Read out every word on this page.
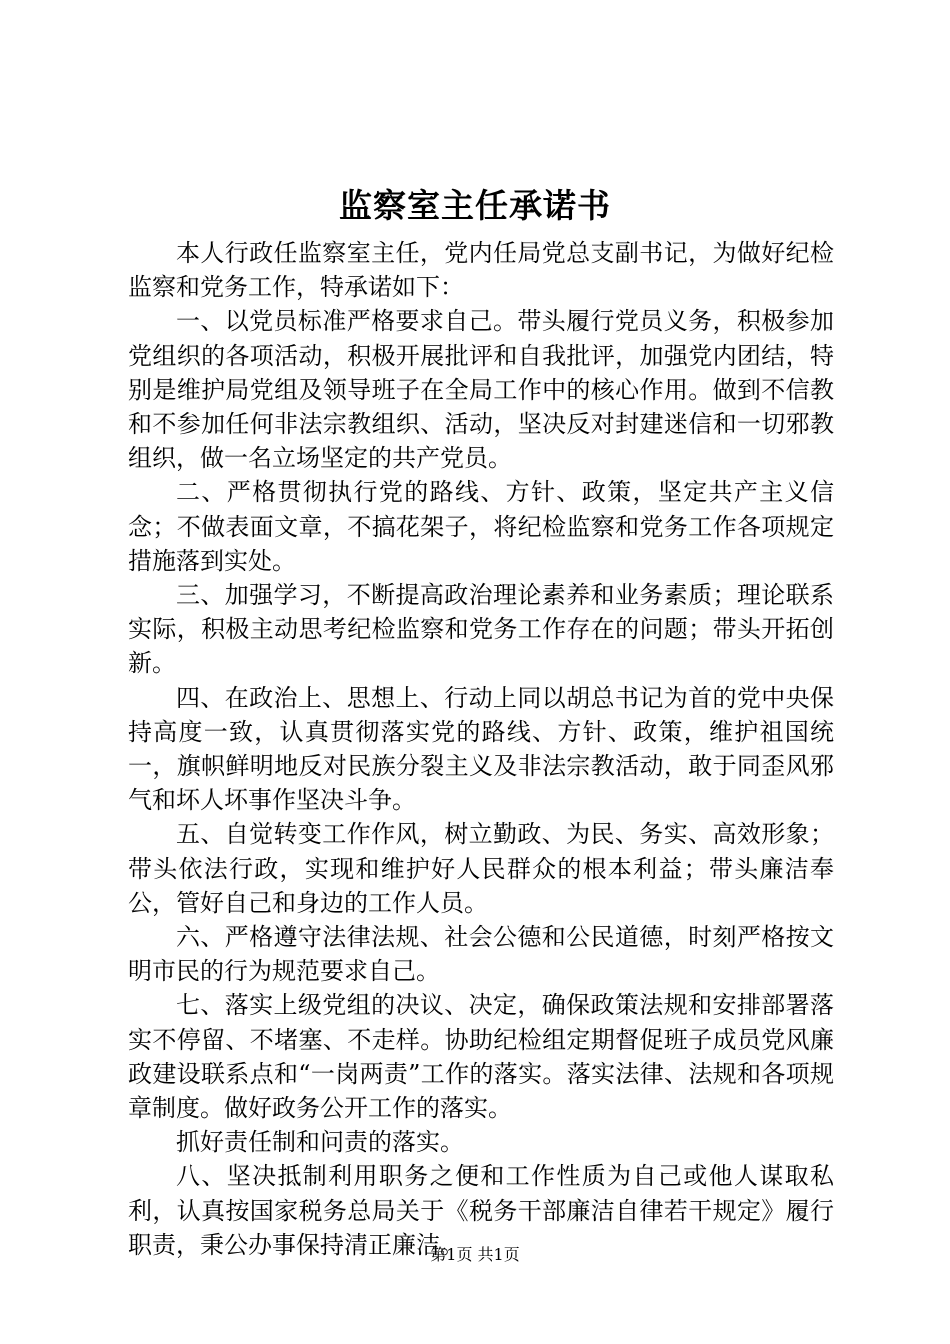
监察室主任承诺书

本人行政任监察室主任，党内任局党总支副书记，为做好纪检监察和党务工作，特承诺如下：

一、以党员标准严格要求自己。带头履行党员义务，积极参加党组织的各项活动，积极开展批评和自我批评，加强党内团结，特别是维护局党组及领导班子在全局工作中的核心作用。做到不信教和不参加任何非法宗教组织、活动，坚决反对封建迷信和一切邪教组织，做一名立场坚定的共产党员。

二、严格贯彻执行党的路线、方针、政策，坚定共产主义信念；不做表面文章，不搞花架子，将纪检监察和党务工作各项规定措施落到实处。

三、加强学习，不断提高政治理论素养和业务素质；理论联系实际，积极主动思考纪检监察和党务工作存在的问题；带头开拓创新。

四、在政治上、思想上、行动上同以胡总书记为首的党中央保持高度一致，认真贯彻落实党的路线、方针、政策，维护祖国统一，旗帜鲜明地反对民族分裂主义及非法宗教活动，敢于同歪风邪气和坏人坏事作坚决斗争。

五、自觉转变工作作风，树立勤政、为民、务实、高效形象；带头依法行政，实现和维护好人民群众的根本利益；带头廉洁奉公，管好自己和身边的工作人员。

六、严格遵守法律法规、社会公德和公民道德，时刻严格按文明市民的行为规范要求自己。

七、落实上级党组的决议、决定，确保政策法规和安排部署落实不停留、不堵塞、不走样。协助纪检组定期督促班子成员党风廉政建设联系点和“一岗两责”工作的落实。落实法律、法规和各项规章制度。做好政务公开工作的落实。

抓好责任制和问责的落实。

八、坚决抵制利用职务之便和工作性质为自己或他人谋取私利，认真按国家税务总局关于《税务干部廉洁自律若干规定》履行职责，秉公办事保持清正廉洁。

第1页 共1页
